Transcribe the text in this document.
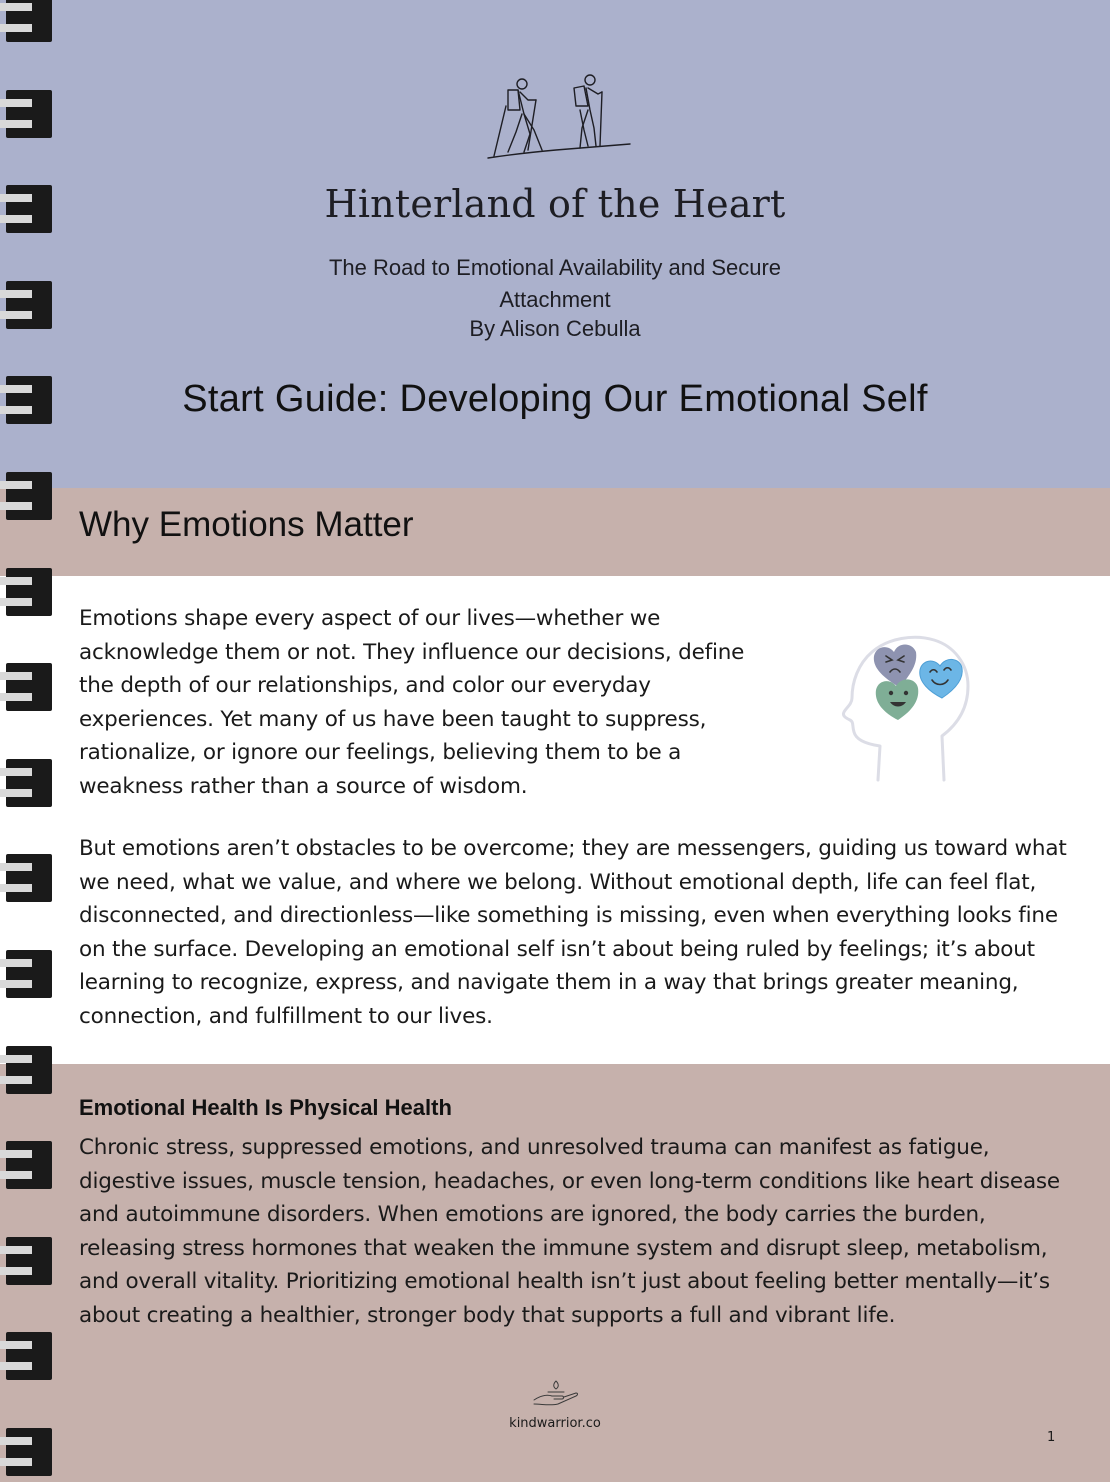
Hinterland of the Heart
The Road to Emotional Availability and Secure Attachment
By Alison Cebulla
Start Guide: Developing Our Emotional Self
Why Emotions Matter
Emotions shape every aspect of our lives—whether we acknowledge them or not. They influence our decisions, define the depth of our relationships, and color our everyday experiences. Yet many of us have been taught to suppress, rationalize, or ignore our feelings, believing them to be a weakness rather than a source of wisdom.
But emotions aren’t obstacles to be overcome; they are messengers, guiding us toward what we need, what we value, and where we belong. Without emotional depth, life can feel flat, disconnected, and directionless—like something is missing, even when everything looks fine on the surface. Developing an emotional self isn’t about being ruled by feelings; it’s about learning to recognize, express, and navigate them in a way that brings greater meaning, connection, and fulfillment to our lives.
Emotional Health Is Physical Health
Chronic stress, suppressed emotions, and unresolved trauma can manifest as fatigue, digestive issues, muscle tension, headaches, or even long-term conditions like heart disease and autoimmune disorders. When emotions are ignored, the body carries the burden, releasing stress hormones that weaken the immune system and disrupt sleep, metabolism, and overall vitality. Prioritizing emotional health isn’t just about feeling better mentally—it’s about creating a healthier, stronger body that supports a full and vibrant life.
kindwarrior.co
1
